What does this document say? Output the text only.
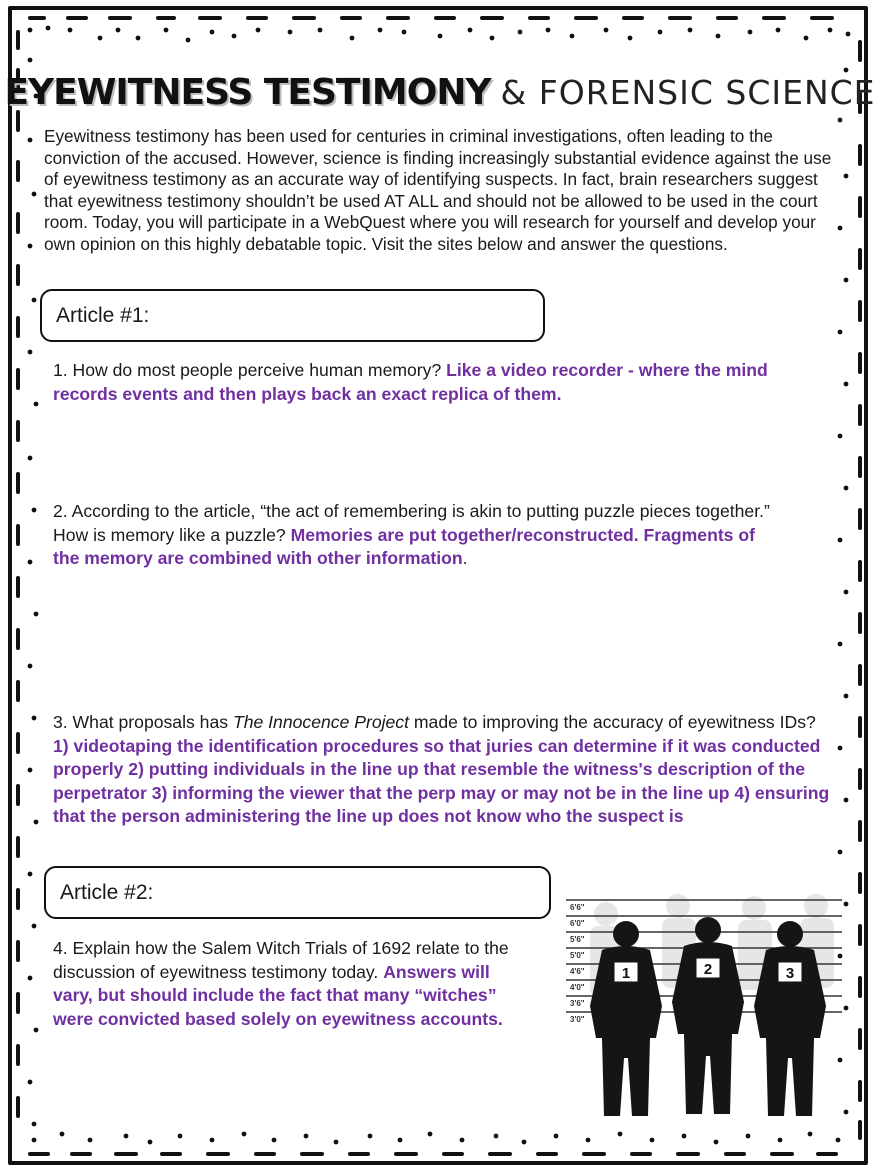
EYEWITNESS TESTIMONY & FORENSIC SCIENCE
Eyewitness testimony has been used for centuries in criminal investigations, often leading to the conviction of the accused. However, science is finding increasingly substantial evidence against the use of eyewitness testimony as an accurate way of identifying suspects. In fact, brain researchers suggest that eyewitness testimony shouldn’t be used AT ALL and should not be allowed to be used in the court room. Today, you will participate in a WebQuest where you will research for yourself and develop your own opinion on this highly debatable topic. Visit the sites below and answer the questions.
Article #1:
1. How do most people perceive human memory? Like a video recorder - where the mind records events and then plays back an exact replica of them.
2. According to the article, “the act of remembering is akin to putting puzzle pieces together.” How is memory like a puzzle? Memories are put together/reconstructed. Fragments of the memory are combined with other information.
3. What proposals has The Innocence Project made to improving the accuracy of eyewitness IDs? 1) videotaping the identification procedures so that juries can determine if it was conducted properly 2) putting individuals in the line up that resemble the witness's description of the perpetrator 3) informing the viewer that the perp may or may not be in the line up 4) ensuring that the person administering the line up does not know who the suspect is
Article #2:
4. Explain how the Salem Witch Trials of 1692 relate to the discussion of eyewitness testimony today. Answers will vary, but should include the fact that many “witches” were convicted based solely on eyewitness accounts.
6'6"
6'0"
5'6"
5'0"
4'6"
4'0"
3'6"
3'0"
1	2	3
